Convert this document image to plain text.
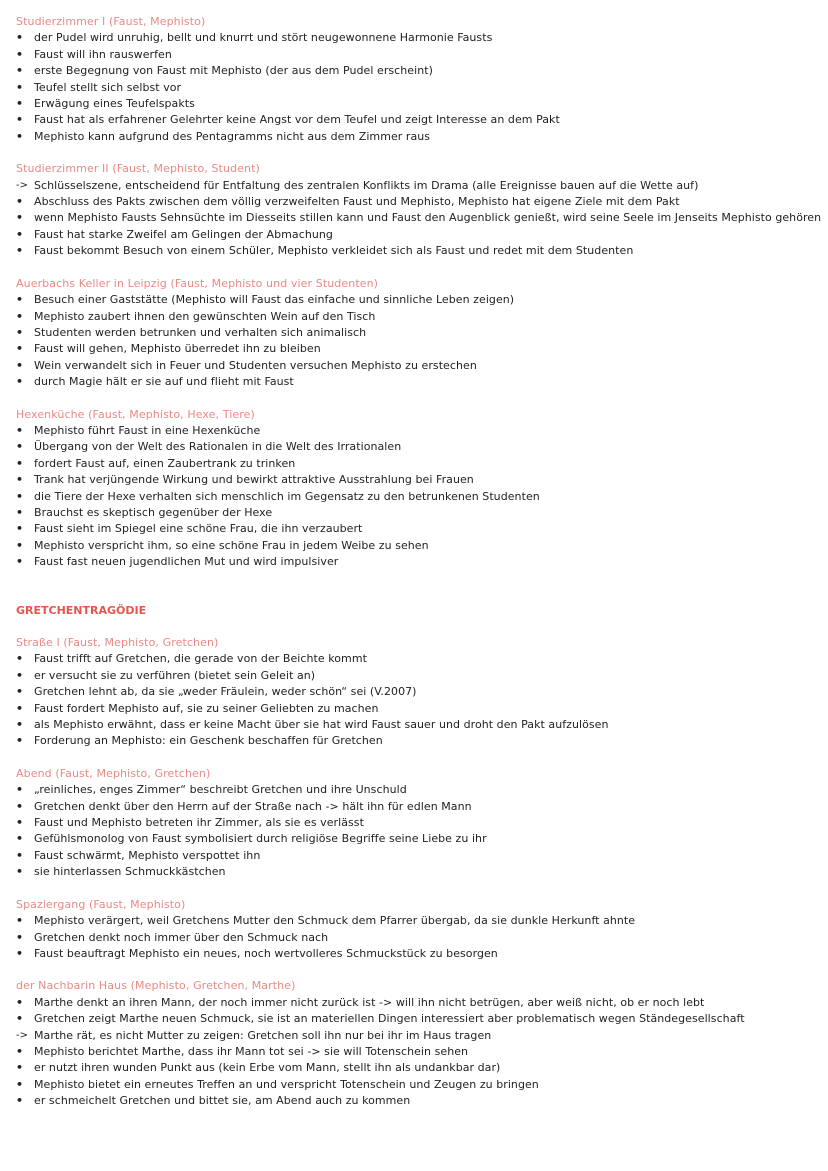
Studierzimmer I (Faust, Mephisto)
• der Pudel wird unruhig, bellt und knurrt und stört neugewonnene Harmonie Fausts
• Faust will ihn rauswerfen
• erste Begegnung von Faust mit Mephisto (der aus dem Pudel erscheint)
• Teufel stellt sich selbst vor
• Erwägung eines Teufelspakts
• Faust hat als erfahrener Gelehrter keine Angst vor dem Teufel und zeigt Interesse an dem Pakt
• Mephisto kann aufgrund des Pentagramms nicht aus dem Zimmer raus
Studierzimmer II (Faust, Mephisto, Student)
-> Schlüsselszene, entscheidend für Entfaltung des zentralen Konflikts im Drama (alle Ereignisse bauen auf die Wette auf)
• Abschluss des Pakts zwischen dem völlig verzweifelten Faust und Mephisto, Mephisto hat eigene Ziele mit dem Pakt
• wenn Mephisto Fausts Sehnsüchte im Diesseits stillen kann und Faust den Augenblick genießt, wird seine Seele im Jenseits Mephisto gehören
• Faust hat starke Zweifel am Gelingen der Abmachung
• Faust bekommt Besuch von einem Schüler, Mephisto verkleidet sich als Faust und redet mit dem Studenten
Auerbachs Keller in Leipzig (Faust, Mephisto und vier Studenten)
• Besuch einer Gaststätte (Mephisto will Faust das einfache und sinnliche Leben zeigen)
• Mephisto zaubert ihnen den gewünschten Wein auf den Tisch
• Studenten werden betrunken und verhalten sich animalisch
• Faust will gehen, Mephisto überredet ihn zu bleiben
• Wein verwandelt sich in Feuer und Studenten versuchen Mephisto zu erstechen
• durch Magie hält er sie auf und flieht mit Faust
Hexenküche (Faust, Mephisto, Hexe, Tiere)
• Mephisto führt Faust in eine Hexenküche
• Übergang von der Welt des Rationalen in die Welt des Irrationalen
• fordert Faust auf, einen Zaubertrank zu trinken
• Trank hat verjüngende Wirkung und bewirkt attraktive Ausstrahlung bei Frauen
• die Tiere der Hexe verhalten sich menschlich im Gegensatz zu den betrunkenen Studenten
• Brauchst es skeptisch gegenüber der Hexe
• Faust sieht im Spiegel eine schöne Frau, die ihn verzaubert
• Mephisto verspricht ihm, so eine schöne Frau in jedem Weibe zu sehen
• Faust fast neuen jugendlichen Mut und wird impulsiver
GRETCHENTRAGÖDIE
Straße I (Faust, Mephisto, Gretchen)
• Faust trifft auf Gretchen, die gerade von der Beichte kommt
• er versucht sie zu verführen (bietet sein Geleit an)
• Gretchen lehnt ab, da sie „weder Fräulein, weder schön“ sei (V.2007)
• Faust fordert Mephisto auf, sie zu seiner Geliebten zu machen
• als Mephisto erwähnt, dass er keine Macht über sie hat wird Faust sauer und droht den Pakt aufzulösen
• Forderung an Mephisto: ein Geschenk beschaffen für Gretchen
Abend (Faust, Mephisto, Gretchen)
• „reinliches, enges Zimmer“ beschreibt Gretchen und ihre Unschuld
• Gretchen denkt über den Herrn auf der Straße nach -> hält ihn für edlen Mann
• Faust und Mephisto betreten ihr Zimmer, als sie es verlässt
• Gefühlsmonolog von Faust symbolisiert durch religiöse Begriffe seine Liebe zu ihr
• Faust schwärmt, Mephisto verspottet ihn
• sie hinterlassen Schmuckkästchen
Spaziergang (Faust, Mephisto)
• Mephisto verärgert, weil Gretchens Mutter den Schmuck dem Pfarrer übergab, da sie dunkle Herkunft ahnte
• Gretchen denkt noch immer über den Schmuck nach
• Faust beauftragt Mephisto ein neues, noch wertvolleres Schmuckstück zu besorgen
der Nachbarin Haus (Mephisto, Gretchen, Marthe)
• Marthe denkt an ihren Mann, der noch immer nicht zurück ist -> will ihn nicht betrügen, aber weiß nicht, ob er noch lebt
• Gretchen zeigt Marthe neuen Schmuck, sie ist an materiellen Dingen interessiert aber problematisch wegen Ständegesellschaft
-> Marthe rät, es nicht Mutter zu zeigen: Gretchen soll ihn nur bei ihr im Haus tragen
• Mephisto berichtet Marthe, dass ihr Mann tot sei -> sie will Totenschein sehen
• er nutzt ihren wunden Punkt aus (kein Erbe vom Mann, stellt ihn als undankbar dar)
• Mephisto bietet ein erneutes Treffen an und verspricht Totenschein und Zeugen zu bringen
• er schmeichelt Gretchen und bittet sie, am Abend auch zu kommen
